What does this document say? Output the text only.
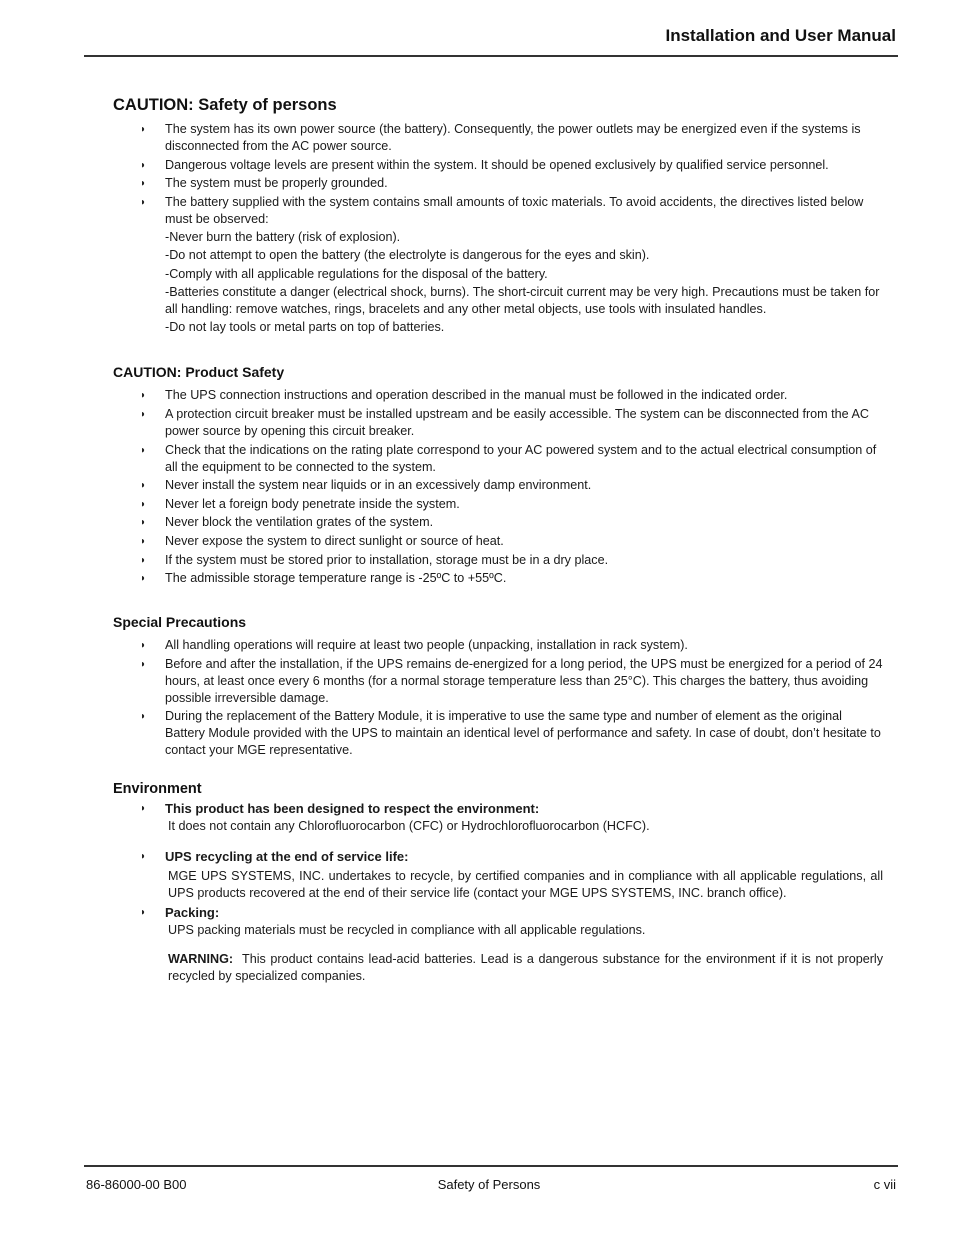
Installation and User Manual
CAUTION: Safety of persons
◗ The system has its own power source (the battery). Consequently, the power outlets may be energized even if the systems is disconnected from the AC power source.
◗ Dangerous voltage levels are present within the system. It should be opened exclusively by qualified service personnel.
◗ The system must be properly grounded.
◗ The battery supplied with the system contains small amounts of toxic materials. To avoid accidents, the directives listed below must be observed:
-Never burn the battery (risk of explosion).
-Do not attempt to open the battery (the electrolyte is dangerous for the eyes and skin).
-Comply with all applicable regulations for the disposal of the battery.
-Batteries constitute a danger (electrical shock, burns). The short-circuit current may be very high. Precautions must be taken for all handling: remove watches, rings, bracelets and any other metal objects, use tools with insulated handles.
-Do not lay tools or metal parts on top of batteries.
CAUTION: Product Safety
◗ The UPS connection instructions and operation described in the manual must be followed in the indicated order.
◗ A protection circuit breaker must be installed upstream and be easily accessible. The system can be disconnected from the AC power source by opening this circuit breaker.
◗ Check that the indications on the rating plate correspond to your AC powered system and to the actual electrical consumption of all the equipment to be connected to the system.
◗ Never install the system near liquids or in an excessively damp environment.
◗ Never let a foreign body penetrate inside the system.
◗ Never block the ventilation grates of the system.
◗ Never expose the system to direct sunlight or source of heat.
◗ If the system must be stored prior to installation, storage must be in a dry place.
◗ The admissible storage temperature range is -25ºC to +55ºC.
Special Precautions
◗ All handling operations will require at least two people (unpacking, installation in rack system).
◗ Before and after the installation, if the UPS remains de-energized for a long period, the UPS must be energized for a period of 24 hours, at least once every 6 months (for a normal storage temperature less than 25°C). This charges the battery, thus avoiding possible irreversible damage.
◗ During the replacement of the Battery Module, it is imperative to use the same type and number of element as the original Battery Module provided with the UPS to maintain an identical level of performance and safety. In case of doubt, don’t hesitate to contact your MGE representative.
Environment
◗ This product has been designed to respect the environment:
It does not contain any Chlorofluorocarbon (CFC) or Hydrochlorofluorocarbon (HCFC).
◗ UPS recycling at the end of service life:
MGE UPS SYSTEMS, INC. undertakes to recycle, by certified companies and in compliance with all applicable regulations, all UPS products recovered at the end of their service life (contact your MGE UPS SYSTEMS, INC. branch office).
◗ Packing:
UPS packing materials must be recycled in compliance with all applicable regulations.
WARNING: This product contains lead-acid batteries. Lead is a dangerous substance for the environment if it is not properly recycled by specialized companies.
86-86000-00 B00	Safety of Persons	c vii
